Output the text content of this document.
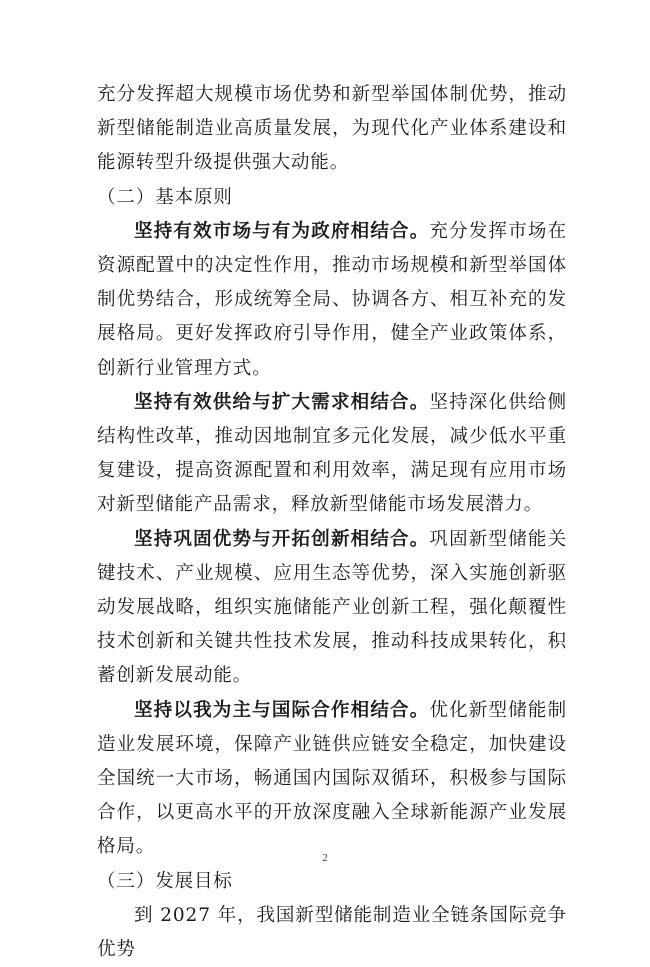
充分发挥超大规模市场优势和新型举国体制优势，推动新型储能制造业高质量发展，为现代化产业体系建设和能源转型升级提供强大动能。

（二）基本原则

坚持有效市场与有为政府相结合。充分发挥市场在资源配置中的决定性作用，推动市场规模和新型举国体制优势结合，形成统筹全局、协调各方、相互补充的发展格局。更好发挥政府引导作用，健全产业政策体系，创新行业管理方式。

坚持有效供给与扩大需求相结合。坚持深化供给侧结构性改革，推动因地制宜多元化发展，减少低水平重复建设，提高资源配置和利用效率，满足现有应用市场对新型储能产品需求，释放新型储能市场发展潜力。

坚持巩固优势与开拓创新相结合。巩固新型储能关键技术、产业规模、应用生态等优势，深入实施创新驱动发展战略，组织实施储能产业创新工程，强化颠覆性技术创新和关键共性技术发展，推动科技成果转化，积蓄创新发展动能。

坚持以我为主与国际合作相结合。优化新型储能制造业发展环境，保障产业链供应链安全稳定，加快建设全国统一大市场，畅通国内国际双循环，积极参与国际合作，以更高水平的开放深度融入全球新能源产业发展格局。

（三）发展目标

到 2027 年，我国新型储能制造业全链条国际竞争优势

2
